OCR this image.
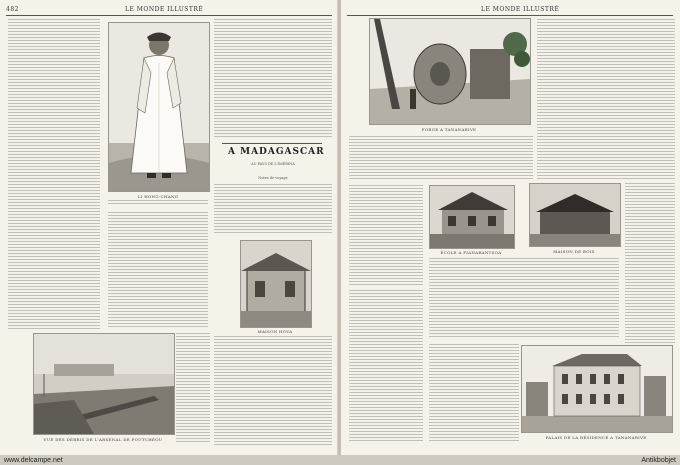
482	LE MONDE ILLUSTRÉ
LI HONG-CHANG
A MADAGASCAR
AU PAYS DE L'IMÉRINA
Notes de voyage
MAISON HOVA
VUE DES DÉBRIS DE L'ARSENAL DE FOUTCHÉOU
LE MONDE ILLUSTRÉ
FORGE A TANANARIVE
ÉCOLE A FIANARANTSOA	MAISON DE BOIS
PALAIS DE LA RÉSIDENCE A TANANARIVE
www.delcampe.net	Antikbobjet
